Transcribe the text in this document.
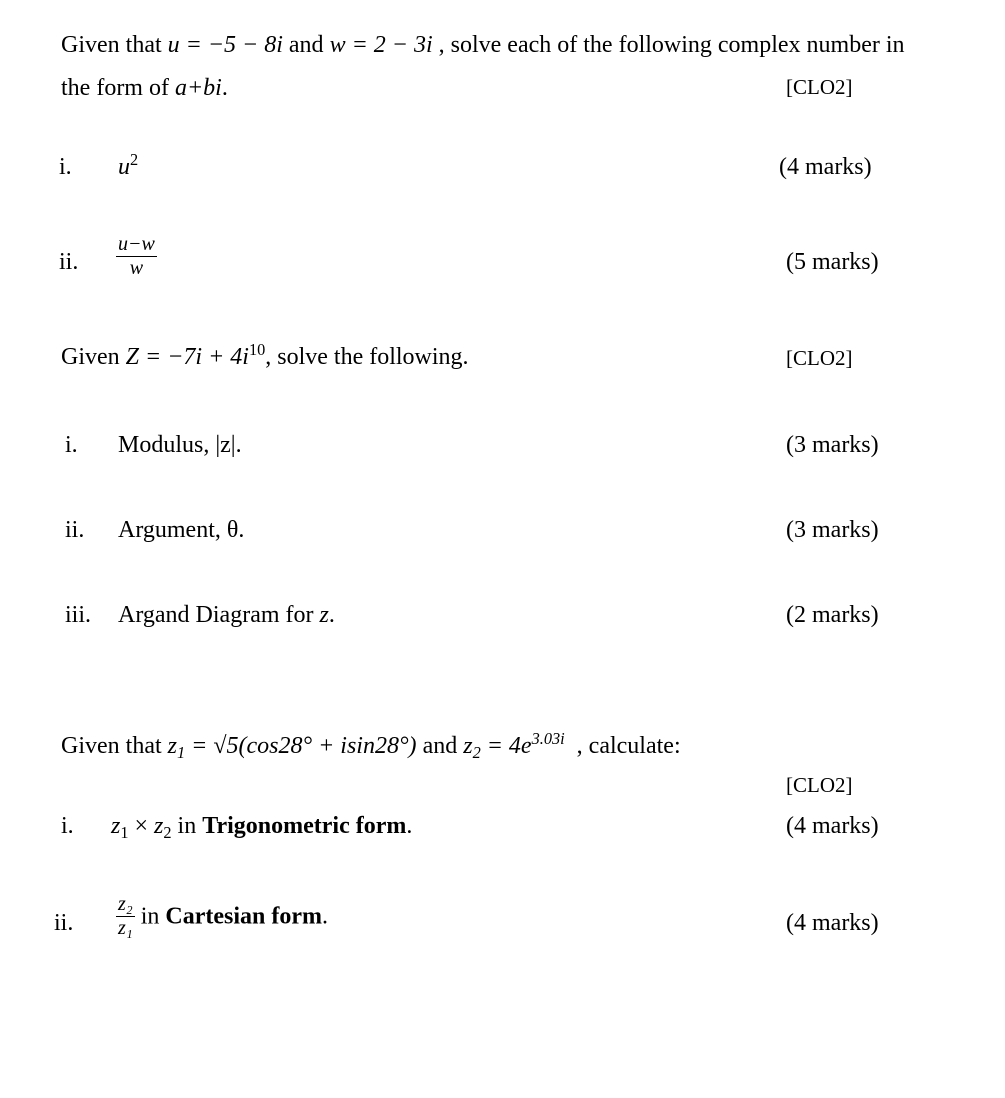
Given that u = −5 − 8i and w = 2 − 3i , solve each of the following complex number in
the form of a+bi.	[CLO2]
i. $u^2$	(4 marks)
ii. $\frac{u-w}{w}$	(5 marks)
Given $Z = -7i + 4i^{10}$, solve the following.	[CLO2]
i. Modulus, |z|.	(3 marks)
ii. Argument, θ.	(3 marks)
iii. Argand Diagram for z.	(2 marks)
Given that $z_1 = √5(\cos 28^\circ + isin28^\circ)$ and $z_2 = 4e^{3.03i}$  , calculate:
[CLO2]
i. $z_1 \times z_2$ in Trigonometric form.	(4 marks)
ii. $\frac{\text{z₂}}{\text{z₁}}$ in Cartesian form.	(4 marks)
